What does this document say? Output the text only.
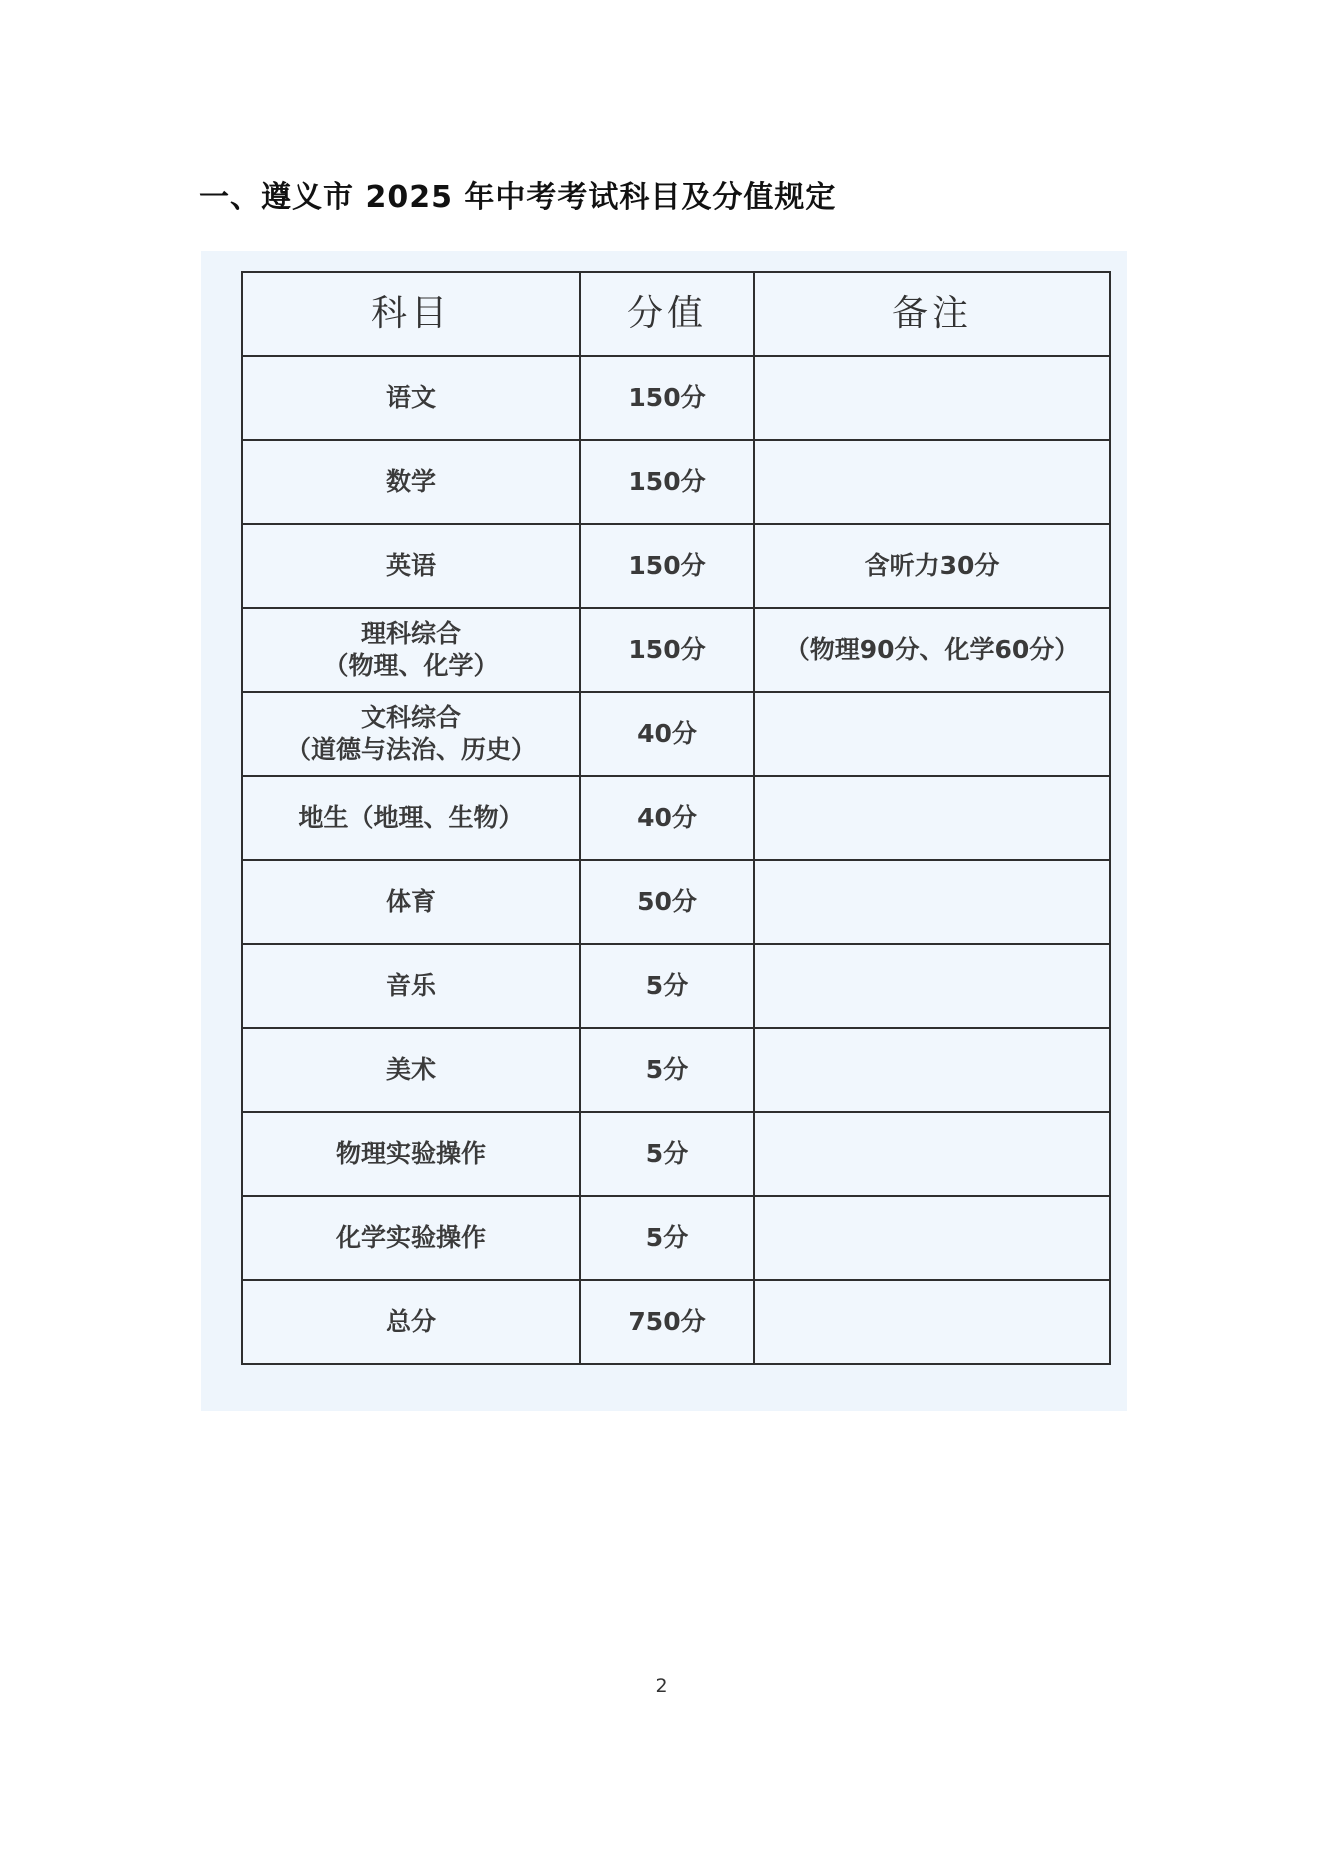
一、遵义市 2025 年中考考试科目及分值规定
科目	分值	备注
语文	150分	
数学	150分	
英语	150分	含听力30分
理科综合
（物理、化学）	150分	（物理90分、化学60分）
文科综合
（道德与法治、历史）	40分	
地生（地理、生物）	40分	
体育	50分	
音乐	5分	
美术	5分	
物理实验操作	5分	
化学实验操作	5分	
总分	750分	
2
